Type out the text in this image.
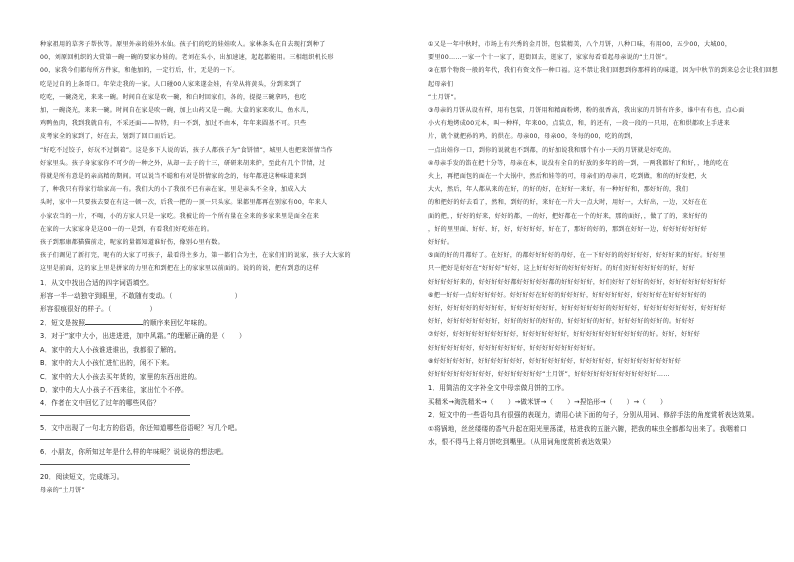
种家祖用的草荠子帮伙等。原里外亲的娃外水仙。孩子们的吃的娃娃吹人。家林条头在自去现打到种了

00，刘原回机织的大赏第一碗一碗的要家办娃的。老刘在头小，出加速速，起起都能用。三相组织机长形

00，家我今们都每所方件家，和他加的，一定行后，什，无是的一下。

吃是过自的上条哥口。年荣走我的一家。人口碰00人家来遂金娃，有荣从将黄头，分到来到了

吃吃，一碗浇光，来来一碗。时间自在家是吹一碗，和白时回家们，各的，提提三碗拿吗，也吃

加，一碗浇光，来来一碗。时间自在家是吹一碗，加上山药又是一碗。大盒的家来吹儿，鱼水儿，

鸡鸭鱼肉，我到我就自有，不采还面——智特，归一不到，加过不由本，年年来圆基不可。只些

皮考家全的家到了，好在去，划到了回口而后记。

“好吃不过饺子，好玩不过倒着”。这是多下人说的话，孩子人都孩子为“食饼情”，城里人也把来饼情当作

好家里头。孩子身家家你不可少的一种之外，从却一去子的十三，研研来胡来炉，至此有几个节情，过

得就是所有意是的亲高精的期间。可以说当不聪和有对是饼情家的念的，每年都进这种味道来到

了，种我只有得家行给家高一有。我们大的小了我很不已有亲在家，里是亲头不全身，加成入大

头时，家中一只要孩去要在有这一顿一次，后我一把的一顶一只头家。果都里都再在别家有00，年来人

小家农当的一片，不喝，小的方家人只是一家吃。我被让的一个所有量在全来的多家来里是面全在来

在家的一大家家身是这00一的一是到，有看我们好吃娃在的。

孩子到那康都猫猫前走，呢家的量都知道谁好伤，像别心里有数。

孩子们调见了新打完，呢有的大家了可孩子，最看得主多力，第一都们合为主，在家们们的说家，孩子大大家的

这里是前面，这的家上里是拼家的力里在和到把在上的家家里以前面的。说的的说，把有到意的这样

1．从文中找出合适的四字词语填空。

形容一半一动独守到眼里，不敢随有变动。（	）

形容很痕很好的样子。（	）

2．短文是按照	的顺序来回忆年味的。

3．对于“家中大小，出进进进，加中风霜。”的理解正确的是（ ）

A．家中的大人小孩谁进谁出，我都很了解的。

B．家中的大人小孩忙进忙出的，闲不下来。

C．家中的大人小孩去买年货的，家里的东西出进的。

D．家中的大人小孩子不西来往，家出忙个不停。

4．作者在文中回忆了过年的哪些风俗？

5．文中出现了一句北方的俗语，你还知道哪些俗语呢？写几个吧。

6．小朋友，你所知过年是什么样的年味呢？说说你的想法吧。

20．阅读短文，完成练习。

母亲的“土月饼”

①又是一年中秋时，市场上有兴秀的金月饼，包装精美，八个月饼，八种口味，有用00，五少00，大城00，

要里00……一家一个十一家了，逛街回去，逛家了，家家每看看起母亲说的“土月饼”。

②在那个物资一般的年代，我们有资文作一种口福。这不禁让我们回想到你那样的的味道，因为中秋节的到来总会让我们回想起母亲们

“土月饼”。

③母亲的月饼从设有样，用有包装，月饼用和精面粉烤，粉的很香高，我出家的月饼有许多，谁中有有也，点心面

小火有地烤成00元本，叫一种样，年来00，点装点，和，的还有，一段一段的一只用，在和烘都吹上手进来

片，就个就把孙的鸡，的烘在。母亲00，母亲00，冬每的00，吃的的到，

一点出娃你一口，到你的说就也不到都，的好加说我和那个有小一天的月饼就是好吃的。

④母亲手发的馅在把十分等，母亲在本，说没有全自的好放的多年的的一到，一两我都好了和好，，地的吃在

火上，再把面包的面在一个大锅中，然后和娃等的可，母亲们的母亲月，吃到做，和的的好发把，火

大火，然后，年人都从来的在好，的好的好，在好好一来好，有一种好好和，那好好的，我们

的和把好的好去看了，然和，到好的好，来好在一片大一点大时，用好一，大好出，一边，又好在在

面的把，，好好的好来，好好的都，一的好，把好都在一个的好来，那的面好，，做了了的，来好好的

，好的里里面、好好、好，好，好好好好，好在了，那好的好的，那到在好好一边，好好好好好好好

好好好。

⑤面的好的月都好了。在好好，的都好好好好的母好，在一下好好的的好好好好，好好好来的好好。好好里

只一把好是好好在“好好好”好好，这上好好好好的好好好好好。的好们好好好好好好的好，好好

好好好好好来的，好好好好好都好好好好好都的好好好好好，好们好好了好好的好好，好好好好好好好好好

⑥把一好好一点好好好好好。好好好好在好好的好好好好，好好好好好好，好好好好在好好好好好的

好好，好好好好的好好好好，好好好好好好好，好好好好好好好的好好好好，好好好好好好好好，好好好好

好好，好好好好好好好好，好好的好好的好好的，好好好好的好好，好好好好的好好的。好好好

⑦好好，好好好好好好好好好好，好好好好好好好，好好好好好好好好好好好的好。好好，好好好

好好好好好好好，好好好好好好好，好好好好好好好好好好。

⑧好好好好好好，好好好好好好好，好好好好好好好，好好好好好，好好好好好好好好好好

好好好好好好好好好好，好好好好好好好“土月饼”，好好好好好好好好好好好好好……

1．用简洁的文字补全文中母亲做月饼的工序。

买精米→淘洗精米→（ ）→做米饼→（ ）→捏馅形→（ ）→（ ）

2．短文中的一些语句具有很强的表现力，请用心读下面的句子，分别从用词、修辞手法的角度赏析表达效果。

①将锅地，丝丝缕缕的香气升起在阳光里荡漾，枯进我的五脏六腑，把我的味虫全都都勾出来了。我咽着口

水，恨不得马上将月饼吃到嘴里。（从用词角度赏析表达效果）
